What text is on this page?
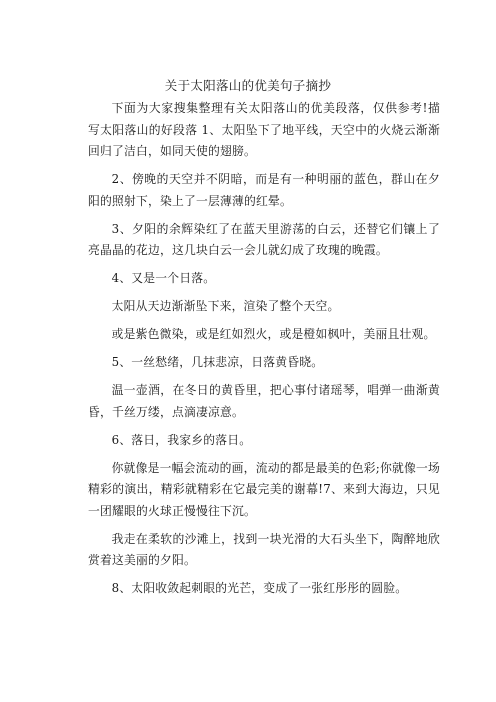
关于太阳落山的优美句子摘抄

下面为大家搜集整理有关太阳落山的优美段落，仅供参考!描写太阳落山的好段落 1、太阳坠下了地平线，天空中的火烧云渐渐回归了洁白，如同天使的翅膀。

2、傍晚的天空并不阴暗，而是有一种明丽的蓝色，群山在夕阳的照射下，染上了一层薄薄的红晕。

3、夕阳的余辉染红了在蓝天里游荡的白云，还替它们镶上了亮晶晶的花边，这几块白云一会儿就幻成了玫瑰的晚霞。

4、又是一个日落。

太阳从天边渐渐坠下来，渲染了整个天空。

或是紫色微染，或是红如烈火，或是橙如枫叶，美丽且壮观。

5、一丝愁绪，几抹悲凉，日落黄昏晓。

温一壶酒，在冬日的黄昏里，把心事付诸瑶琴，唱弹一曲渐黄昏，千丝万缕，点滴凄凉意。

6、落日，我家乡的落日。

你就像是一幅会流动的画，流动的都是最美的色彩;你就像一场精彩的演出，精彩就精彩在它最完美的谢幕!7、来到大海边，只见一团耀眼的火球正慢慢往下沉。

我走在柔软的沙滩上，找到一块光滑的大石头坐下，陶醉地欣赏着这美丽的夕阳。

8、太阳收敛起刺眼的光芒，变成了一张红彤彤的圆脸。
